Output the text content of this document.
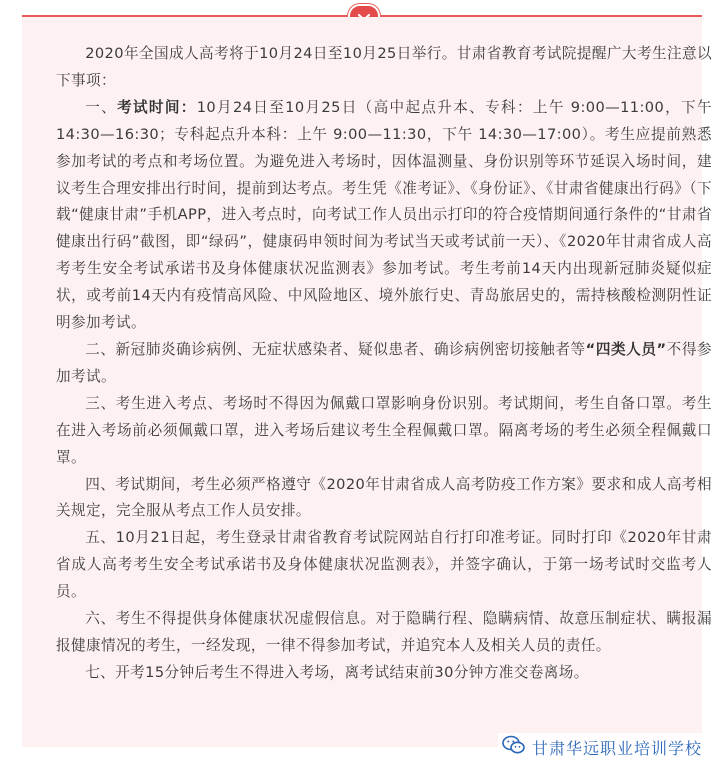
2020年全国成人高考将于10月24日至10月25日举行。甘肃省教育考试院提醒广大考生注意以下事项：

一、考试时间：10月24日至10月25日（高中起点升本、专科：上午 9:00—11:00，下午 14:30—16:30；专科起点升本科：上午 9:00—11:30，下午 14:30—17:00）。考生应提前熟悉参加考试的考点和考场位置。为避免进入考场时，因体温测量、身份识别等环节延误入场时间，建议考生合理安排出行时间，提前到达考点。考生凭《准考证》、《身份证》、《甘肃省健康出行码》（下载“健康甘肃”手机APP，进入考点时，向考试工作人员出示打印的符合疫情期间通行条件的“甘肃省健康出行码”截图，即“绿码”，健康码申领时间为考试当天或考试前一天）、《2020年甘肃省成人高考考生安全考试承诺书及身体健康状况监测表》参加考试。考生考前14天内出现新冠肺炎疑似症状，或考前14天内有疫情高风险、中风险地区、境外旅行史、青岛旅居史的，需持核酸检测阴性证明参加考试。

二、新冠肺炎确诊病例、无症状感染者、疑似患者、确诊病例密切接触者等“四类人员”不得参加考试。

三、考生进入考点、考场时不得因为佩戴口罩影响身份识别。考试期间，考生自备口罩。考生在进入考场前必须佩戴口罩，进入考场后建议考生全程佩戴口罩。隔离考场的考生必须全程佩戴口罩。

四、考试期间，考生必须严格遵守《2020年甘肃省成人高考防疫工作方案》要求和成人高考相关规定，完全服从考点工作人员安排。

五、10月21日起，考生登录甘肃省教育考试院网站自行打印准考证。同时打印《2020年甘肃省成人高考考生安全考试承诺书及身体健康状况监测表》，并签字确认，于第一场考试时交监考人员。

六、考生不得提供身体健康状况虚假信息。对于隐瞒行程、隐瞒病情、故意压制症状、瞒报漏报健康情况的考生，一经发现，一律不得参加考试，并追究本人及相关人员的责任。

七、开考15分钟后考生不得进入考场，离考试结束前30分钟方准交卷离场。

甘肃华远职业培训学校
